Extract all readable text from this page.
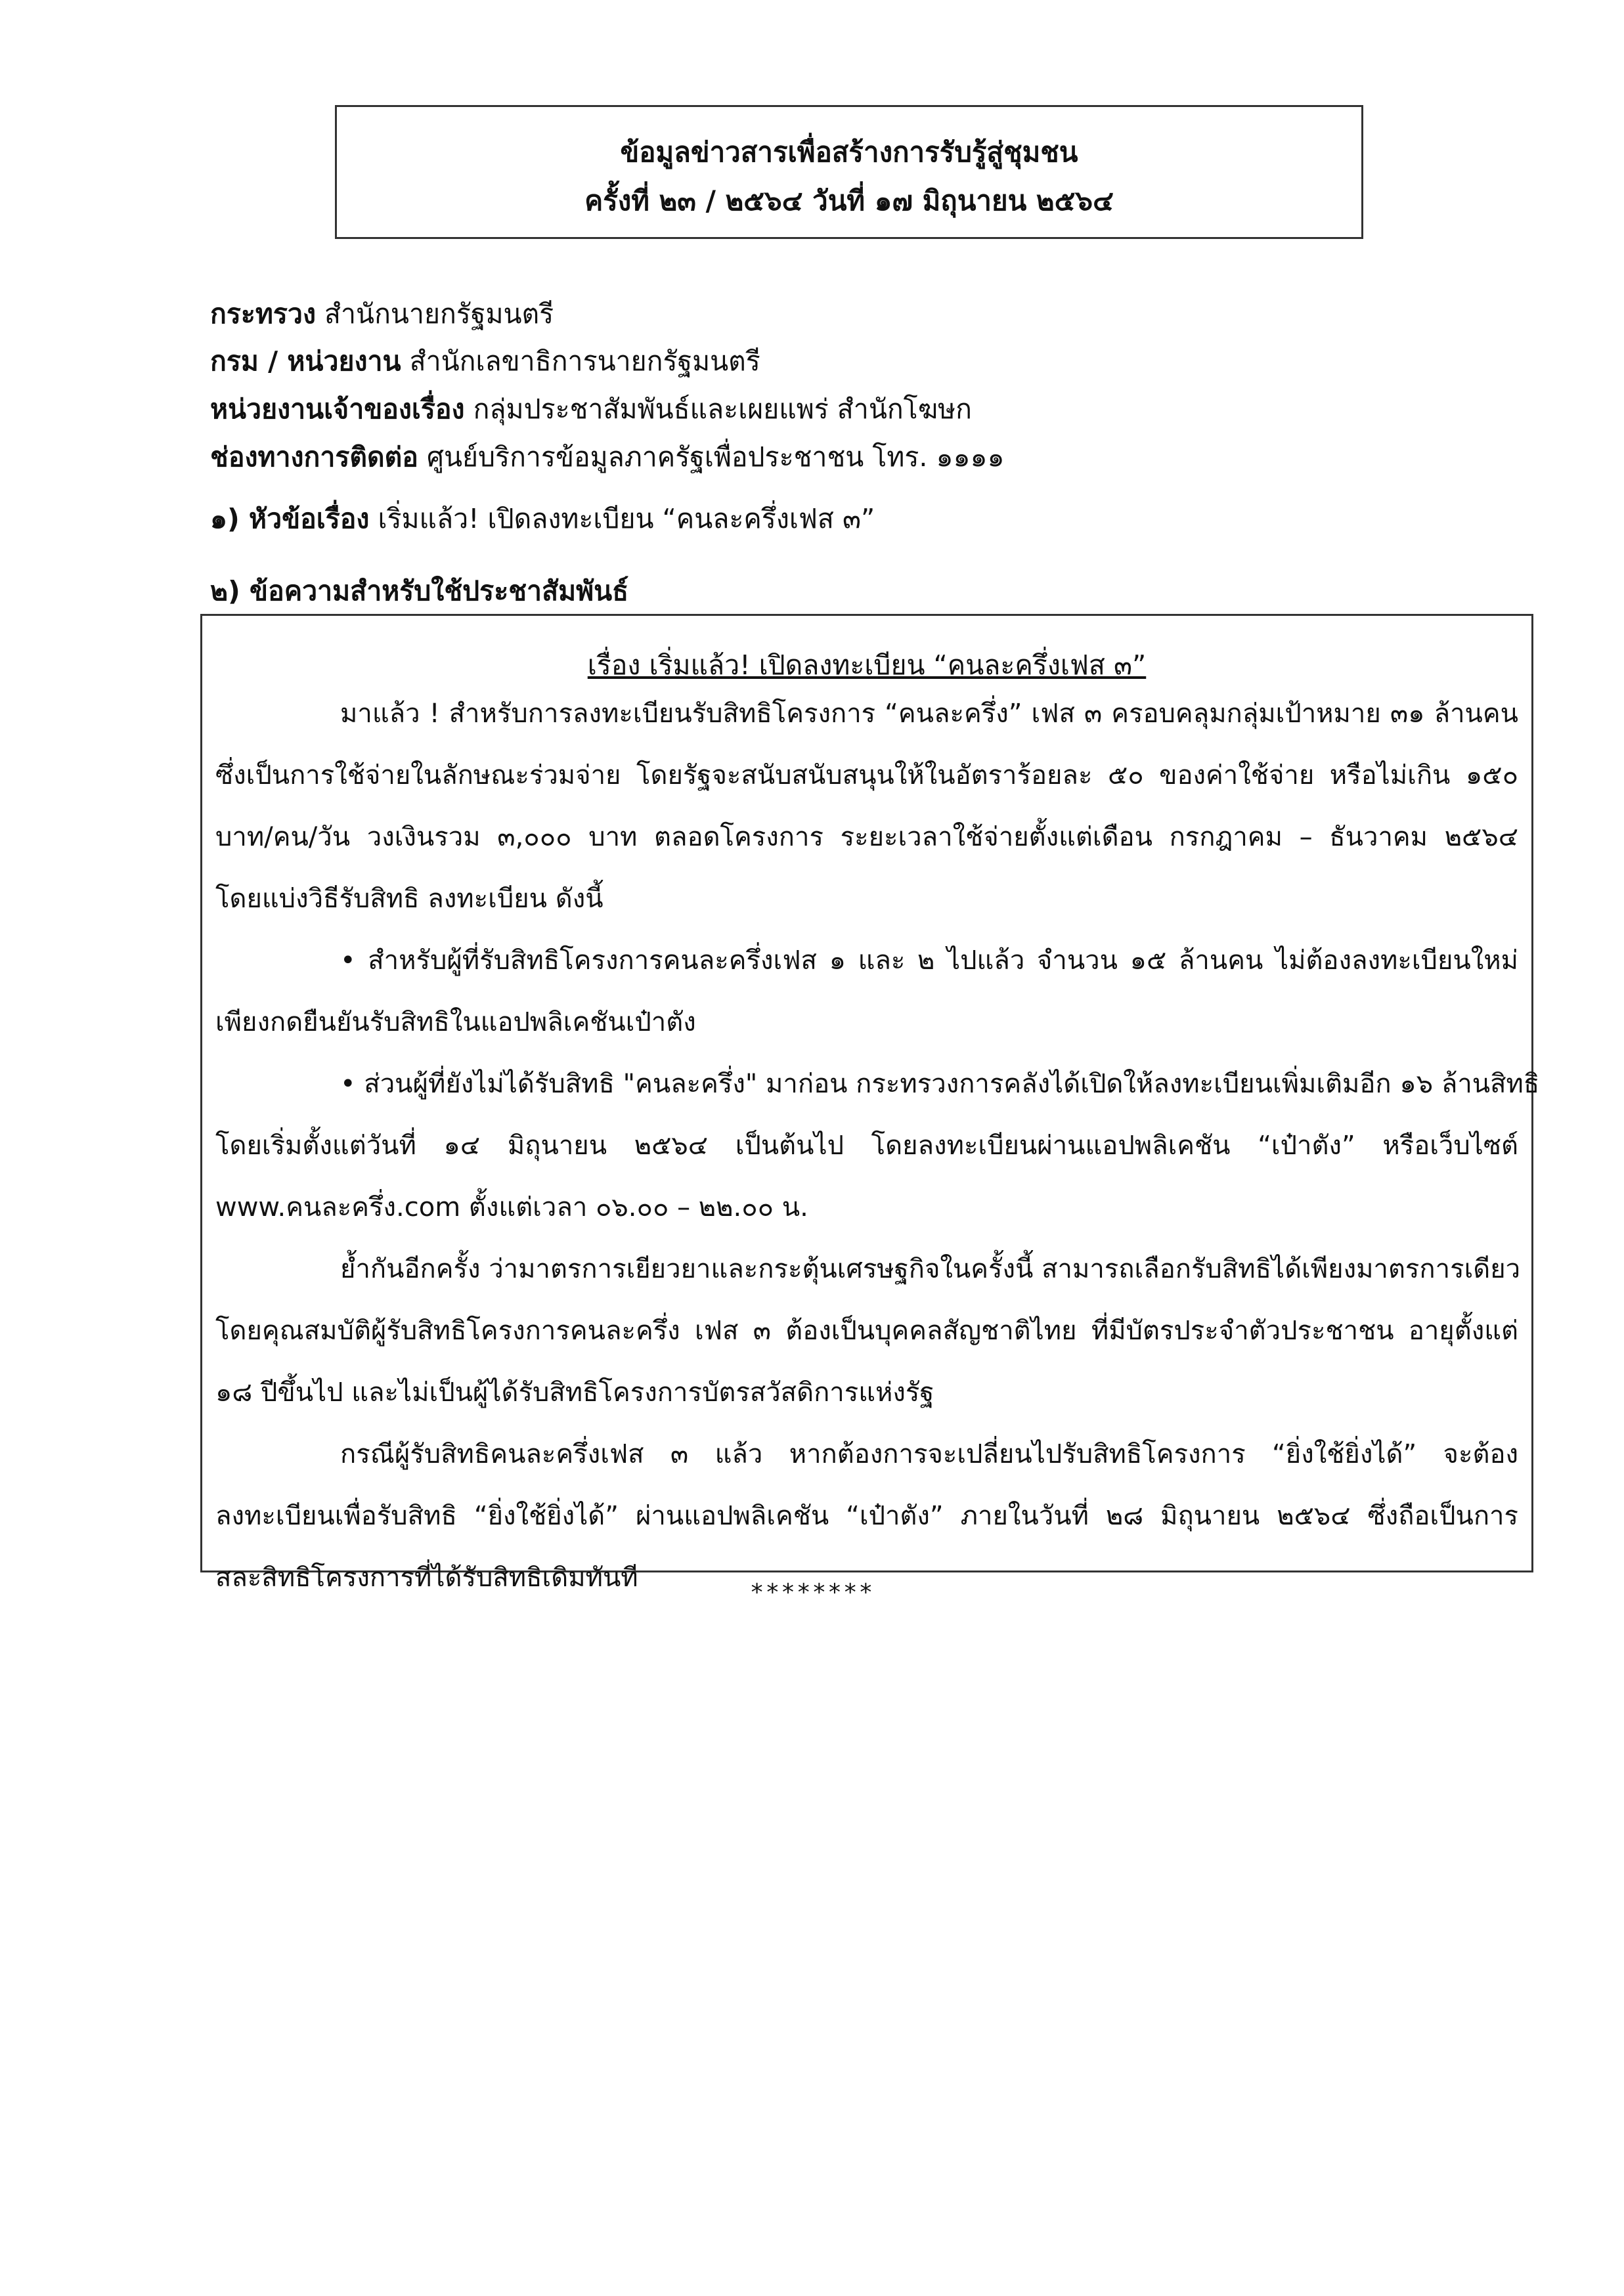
ข้อมูลข่าวสารเพื่อสร้างการรับรู้สู่ชุมชน
ครั้งที่ ๒๓ / ๒๕๖๔ วันที่ ๑๗ มิถุนายน ๒๕๖๔
กระทรวง สำนักนายกรัฐมนตรี
กรม / หน่วยงาน สำนักเลขาธิการนายกรัฐมนตรี
หน่วยงานเจ้าของเรื่อง กลุ่มประชาสัมพันธ์และเผยแพร่ สำนักโฆษก
ช่องทางการติดต่อ ศูนย์บริการข้อมูลภาครัฐเพื่อประชาชน โทร. ๑๑๑๑
๑) หัวข้อเรื่อง เริ่มแล้ว! เปิดลงทะเบียน “คนละครึ่งเฟส ๓”
๒) ข้อความสำหรับใช้ประชาสัมพันธ์
เรื่อง เริ่มแล้ว! เปิดลงทะเบียน “คนละครึ่งเฟส ๓”
มาแล้ว ! สำหรับการลงทะเบียนรับสิทธิโครงการ “คนละครึ่ง” เฟส ๓ ครอบคลุมกลุ่มเป้าหมาย ๓๑ ล้านคน
ซึ่งเป็นการใช้จ่ายในลักษณะร่วมจ่าย โดยรัฐจะสนับสนับสนุนให้ในอัตราร้อยละ ๕๐ ของค่าใช้จ่าย หรือไม่เกิน ๑๕๐
บาท/คน/วัน วงเงินรวม ๓,๐๐๐ บาท ตลอดโครงการ ระยะเวลาใช้จ่ายตั้งแต่เดือน กรกฎาคม – ธันวาคม ๒๕๖๔
โดยแบ่งวิธีรับสิทธิ ลงทะเบียน ดังนี้
• สำหรับผู้ที่รับสิทธิโครงการคนละครึ่งเฟส ๑ และ ๒ ไปแล้ว จำนวน ๑๕ ล้านคน ไม่ต้องลงทะเบียนใหม่
เพียงกดยืนยันรับสิทธิในแอปพลิเคชันเป๋าตัง
• ส่วนผู้ที่ยังไม่ได้รับสิทธิ "คนละครึ่ง" มาก่อน กระทรวงการคลังได้เปิดให้ลงทะเบียนเพิ่มเติมอีก ๑๖ ล้านสิทธิ
โดยเริ่มตั้งแต่วันที่ ๑๔ มิถุนายน ๒๕๖๔ เป็นต้นไป โดยลงทะเบียนผ่านแอปพลิเคชัน “เป๋าตัง” หรือเว็บไซต์
www.คนละครึ่ง.com ตั้งแต่เวลา ๐๖.๐๐ – ๒๒.๐๐ น.
ย้ำกันอีกครั้ง ว่ามาตรการเยียวยาและกระตุ้นเศรษฐกิจในครั้งนี้ สามารถเลือกรับสิทธิได้เพียงมาตรการเดียว
โดยคุณสมบัติผู้รับสิทธิโครงการคนละครึ่ง เฟส ๓ ต้องเป็นบุคคลสัญชาติไทย ที่มีบัตรประจำตัวประชาชน อายุตั้งแต่
๑๘ ปีขึ้นไป และไม่เป็นผู้ได้รับสิทธิโครงการบัตรสวัสดิการแห่งรัฐ
กรณีผู้รับสิทธิคนละครึ่งเฟส ๓ แล้ว หากต้องการจะเปลี่ยนไปรับสิทธิโครงการ “ยิ่งใช้ยิ่งได้” จะต้อง
ลงทะเบียนเพื่อรับสิทธิ “ยิ่งใช้ยิ่งได้” ผ่านแอปพลิเคชัน “เป๋าตัง” ภายในวันที่ ๒๘ มิถุนายน ๒๕๖๔ ซึ่งถือเป็นการ
สละสิทธิโครงการที่ได้รับสิทธิเดิมทันที	********
